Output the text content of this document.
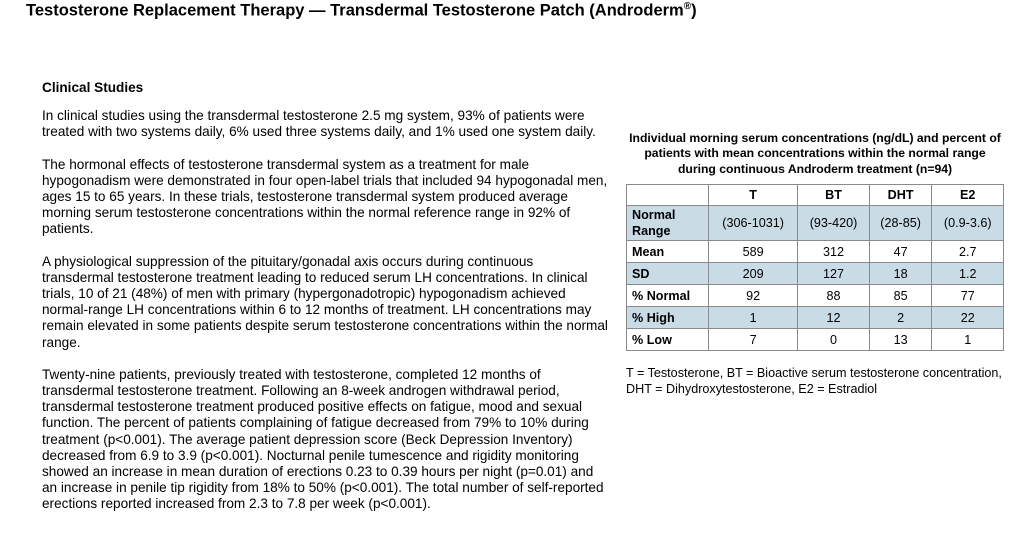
Testosterone Replacement Therapy — Transdermal Testosterone Patch (Androderm®)
Clinical Studies

In clinical studies using the transdermal testosterone 2.5 mg system, 93% of patients were treated with two systems daily, 6% used three systems daily, and 1% used one system daily.

The hormonal effects of testosterone transdermal system as a treatment for male hypogonadism were demonstrated in four open-label trials that included 94 hypogonadal men, ages 15 to 65 years. In these trials, testosterone transdermal system produced average morning serum testosterone concentrations within the normal reference range in 92% of patients.

A physiological suppression of the pituitary/gonadal axis occurs during continuous transdermal testosterone treatment leading to reduced serum LH concentrations. In clinical trials, 10 of 21 (48%) of men with primary (hypergonadotropic) hypogonadism achieved normal-range LH concentrations within 6 to 12 months of treatment. LH concentrations may remain elevated in some patients despite serum testosterone concentrations within the normal range.

Twenty-nine patients, previously treated with testosterone, completed 12 months of transdermal testosterone treatment. Following an 8-week androgen withdrawal period, transdermal testosterone treatment produced positive effects on fatigue, mood and sexual function. The percent of patients complaining of fatigue decreased from 79% to 10% during treatment (p<0.001). The average patient depression score (Beck Depression Inventory) decreased from 6.9 to 3.9 (p<0.001). Nocturnal penile tumescence and rigidity monitoring showed an increase in mean duration of erections 0.23 to 0.39 hours per night (p=0.01) and an increase in penile tip rigidity from 18% to 50% (p<0.001). The total number of self-reported erections reported increased from 2.3 to 7.8 per week (p<0.001).

Individual morning serum concentrations (ng/dL) and percent of patients with mean concentrations within the normal range during continuous Androderm treatment (n=94)
	T	BT	DHT	E2
Normal Range	(306-1031)	(93-420)	(28-85)	(0.9-3.6)
Mean	589	312	47	2.7
SD	209	127	18	1.2
% Normal	92	88	85	77
% High	1	12	2	22
% Low	7	0	13	1
T = Testosterone, BT = Bioactive serum testosterone concentration, DHT = Dihydroxytestosterone, E2 = Estradiol
